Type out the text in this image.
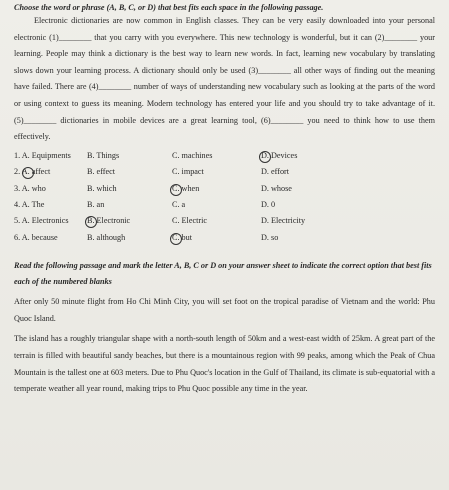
Choose the word or phrase (A, B, C, or D) that best fits each space in the following passage.

Electronic dictionaries are now common in English classes. They can be very easily downloaded into your personal electronic (1)________ that you carry with you everywhere. This new technology is wonderful, but it can (2)________ your learning. People may think a dictionary is the best way to learn new words. In fact, learning new vocabulary by translating slows down your learning process. A dictionary should only be used (3)________ all other ways of finding out the meaning have failed. There are (4)________ number of ways of understanding new vocabulary such as looking at the parts of the word or using context to guess its meaning. Modern technology has entered your life and you should try to take advantage of it. (5)________ dictionaries in mobile devices are a great learning tool, (6)________ you need to think how to use them effectively.

1. A. Equipments	B. Things	C. machines	D. Devices
2. A. affect	B. effect	C. impact	D. effort
3. A. who	B. which	C. when	D. whose
4. A. The	B. an	C. a	D. 0
5. A. Electronics	B. Electronic	C. Electric	D. Electricity
6. A. because	B. although	C. but	D. so

Read the following passage and mark the letter A, B, C or D on your answer sheet to indicate the correct option that best fits each of the numbered blanks

After only 50 minute flight from Ho Chi Minh City, you will set foot on the tropical paradise of Vietnam and the world: Phu Quoc Island.

The island has a roughly triangular shape with a north-south length of 50km and a west-east width of 25km. A great part of the terrain is filled with beautiful sandy beaches, but there is a mountainous region with 99 peaks, among which the Peak of Chua Mountain is the tallest one at 603 meters. Due to Phu Quoc's location in the Gulf of Thailand, its climate is sub-equatorial with a temperate weather all year round, making trips to Phu Quoc possible any time in the year.
